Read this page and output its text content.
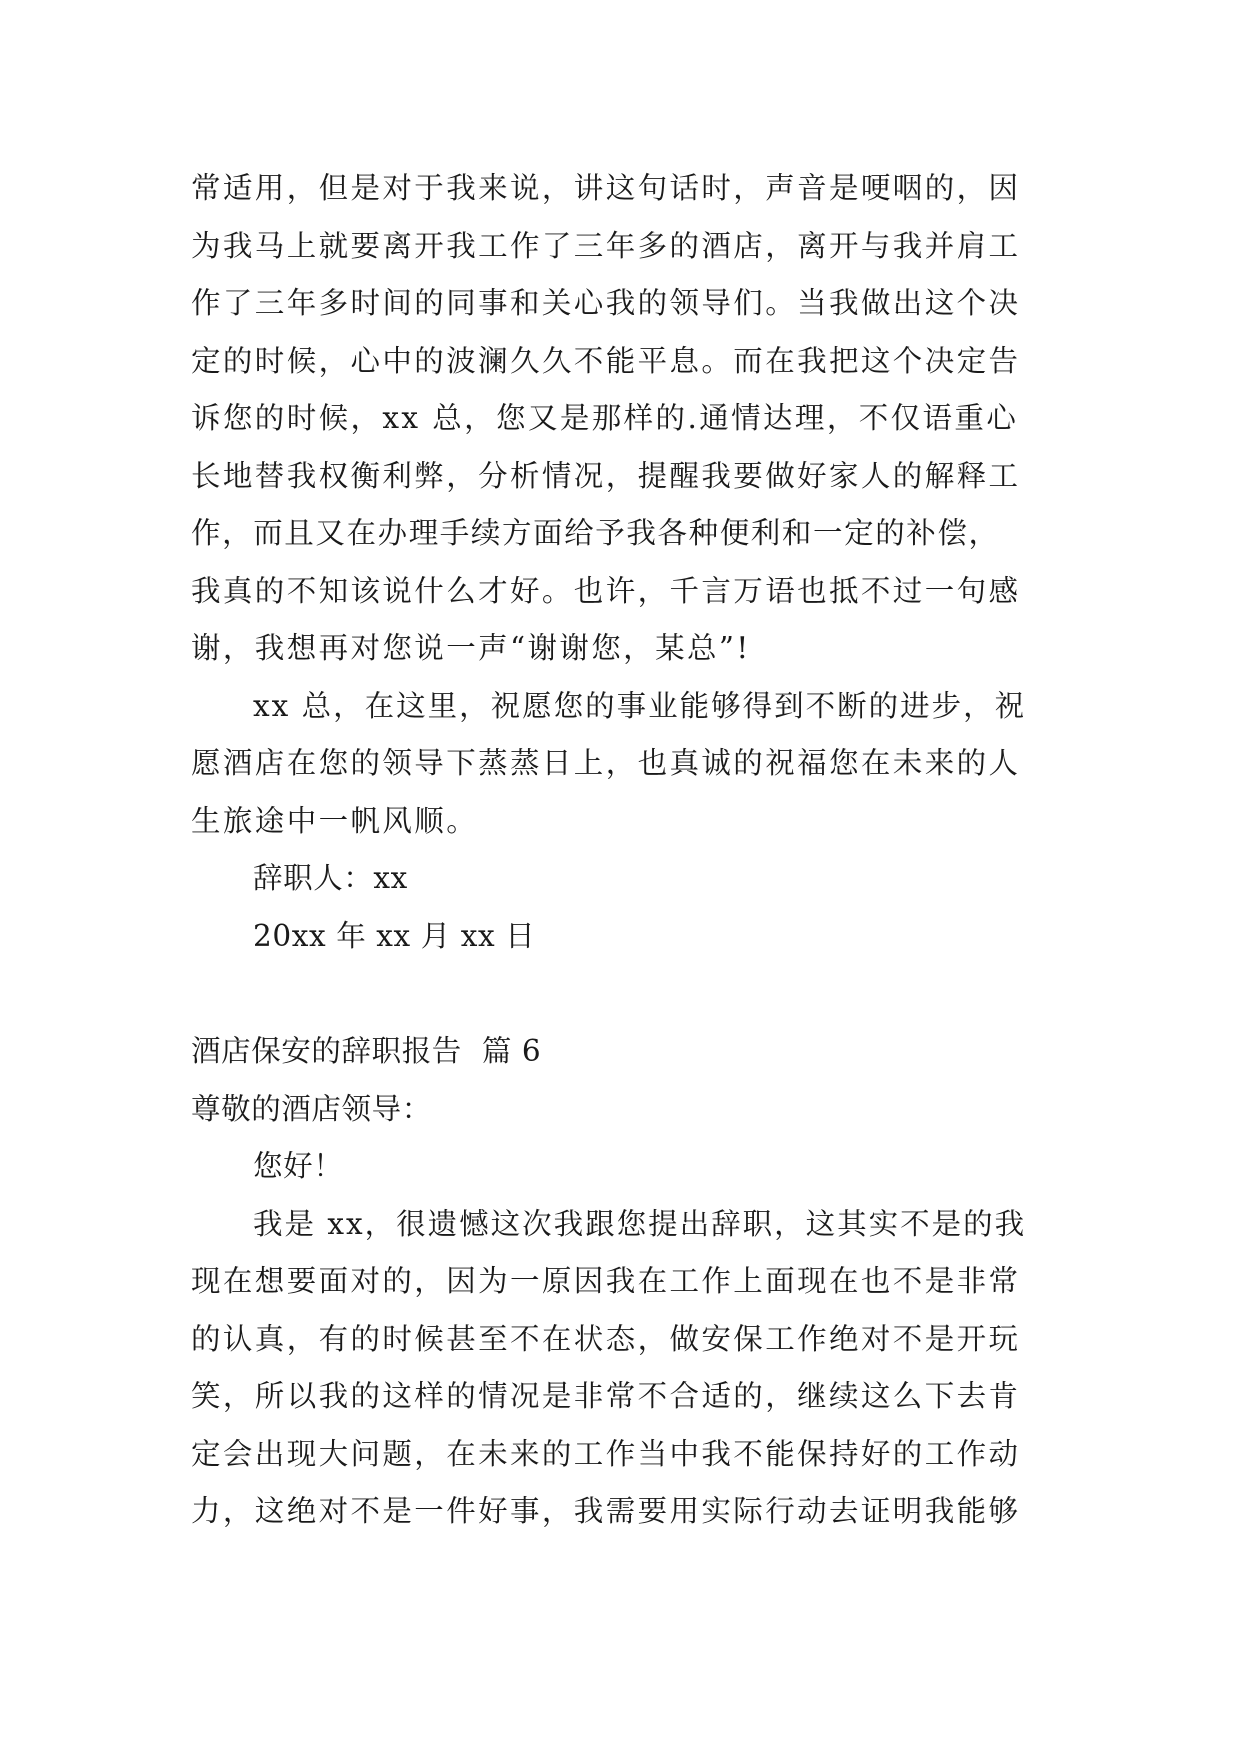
常适用，但是对于我来说，讲这句话时，声音是哽咽的，因
为我马上就要离开我工作了三年多的酒店，离开与我并肩工
作了三年多时间的同事和关心我的领导们。当我做出这个决
定的时候，心中的波澜久久不能平息。而在我把这个决定告
诉您的时候，xx 总，您又是那样的.通情达理，不仅语重心
长地替我权衡利弊，分析情况，提醒我要做好家人的解释工
作，而且又在办理手续方面给予我各种便利和一定的补偿，
我真的不知该说什么才好。也许，千言万语也抵不过一句感
谢，我想再对您说一声“谢谢您，某总”!
xx 总，在这里，祝愿您的事业能够得到不断的进步，祝
愿酒店在您的领导下蒸蒸日上，也真诚的祝福您在未来的人
生旅途中一帆风顺。
辞职人：xx
20xx 年 xx 月 xx 日
酒店保安的辞职报告  篇 6
尊敬的酒店领导：
您好！
我是 xx，很遗憾这次我跟您提出辞职，这其实不是的我
现在想要面对的，因为一原因我在工作上面现在也不是非常
的认真，有的时候甚至不在状态，做安保工作绝对不是开玩
笑，所以我的这样的情况是非常不合适的，继续这么下去肯
定会出现大问题，在未来的工作当中我不能保持好的工作动
力，这绝对不是一件好事，我需要用实际行动去证明我能够
